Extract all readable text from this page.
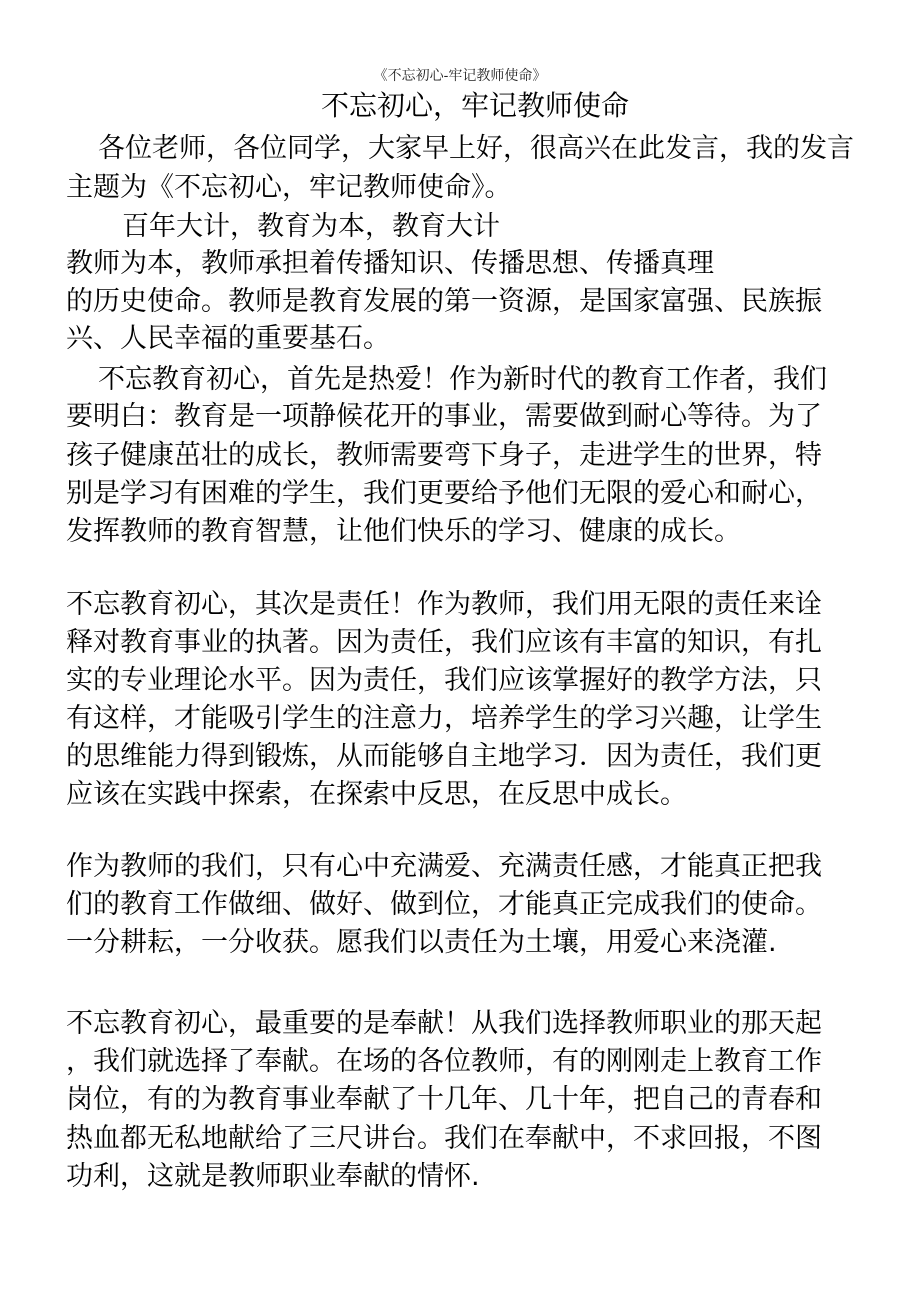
《不忘初心-牢记教师使命》
不忘初心，牢记教师使命
各位老师，各位同学，大家早上好，很高兴在此发言，我的发言
主题为《不忘初心，牢记教师使命》。
百年大计，教育为本，教育大计
教师为本，教师承担着传播知识、传播思想、传播真理
的历史使命。教师是教育发展的第一资源，是国家富强、民族振
兴、人民幸福的重要基石。
不忘教育初心，首先是热爱！作为新时代的教育工作者，我们
要明白：教育是一项静候花开的事业，需要做到耐心等待。为了
孩子健康茁壮的成长，教师需要弯下身子，走进学生的世界，特
别是学习有困难的学生，我们更要给予他们无限的爱心和耐心，
发挥教师的教育智慧，让他们快乐的学习、健康的成长。
不忘教育初心，其次是责任！作为教师，我们用无限的责任来诠
释对教育事业的执著。因为责任，我们应该有丰富的知识，有扎
实的专业理论水平。因为责任，我们应该掌握好的教学方法，只
有这样，才能吸引学生的注意力，培养学生的学习兴趣，让学生
的思维能力得到锻炼，从而能够自主地学习．因为责任，我们更
应该在实践中探索，在探索中反思，在反思中成长。
作为教师的我们，只有心中充满爱、充满责任感，才能真正把我
们的教育工作做细、做好、做到位，才能真正完成我们的使命。
一分耕耘，一分收获。愿我们以责任为土壤，用爱心来浇灌.
不忘教育初心，最重要的是奉献！从我们选择教师职业的那天起
，我们就选择了奉献。在场的各位教师，有的刚刚走上教育工作
岗位，有的为教育事业奉献了十几年、几十年，把自己的青春和
热血都无私地献给了三尺讲台。我们在奉献中，不求回报，不图
功利，这就是教师职业奉献的情怀.
